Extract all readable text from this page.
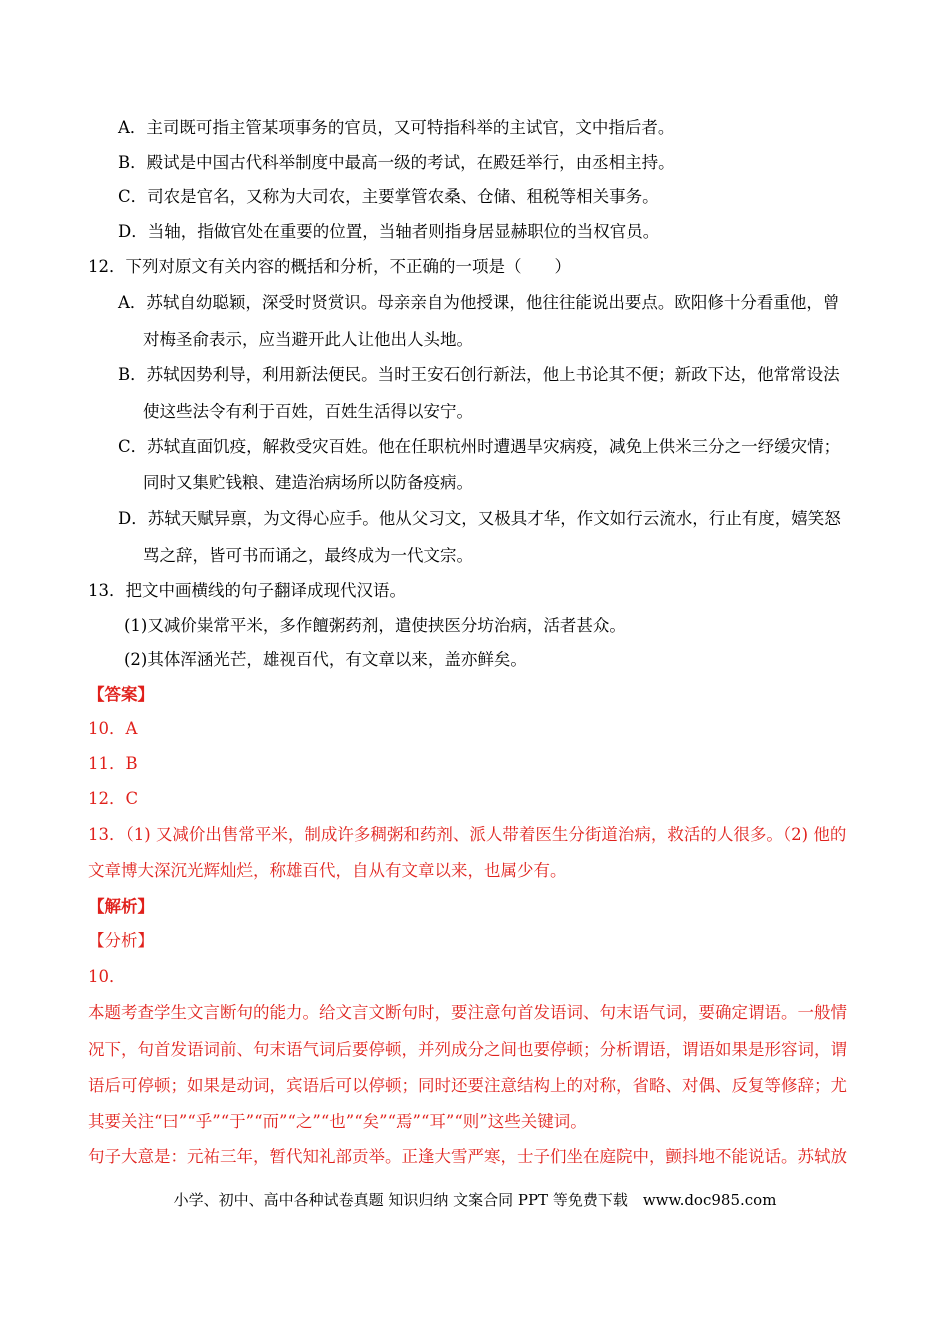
A．主司既可指主管某项事务的官员，又可特指科举的主试官，文中指后者。
B．殿试是中国古代科举制度中最高一级的考试，在殿廷举行，由丞相主持。
C．司农是官名，又称为大司农，主要掌管农桑、仓储、租税等相关事务。
D．当轴，指做官处在重要的位置，当轴者则指身居显赫职位的当权官员。
12．下列对原文有关内容的概括和分析，不正确的一项是（　　）
A．苏轼自幼聪颖，深受时贤赏识。母亲亲自为他授课，他往往能说出要点。欧阳修十分看重他，曾
对梅圣俞表示，应当避开此人让他出人头地。
B．苏轼因势利导，利用新法便民。当时王安石创行新法，他上书论其不便；新政下达，他常常设法
使这些法令有利于百姓，百姓生活得以安宁。
C．苏轼直面饥疫，解救受灾百姓。他在任职杭州时遭遇旱灾病疫，减免上供米三分之一纾缓灾情；
同时又集贮钱粮、建造治病场所以防备疫病。
D．苏轼天赋异禀，为文得心应手。他从父习文，又极具才华，作文如行云流水，行止有度，嬉笑怒
骂之辞，皆可书而诵之，最终成为一代文宗。
13．把文中画横线的句子翻译成现代汉语。
(1)又减价粜常平米，多作饘粥药剂，遣使挟医分坊治病，活者甚众。
(2)其体浑涵光芒，雄视百代，有文章以来，盖亦鲜矣。
【答案】
10．A
11．B
12．C
13．（1) 又减价出售常平米，制成许多稠粥和药剂、派人带着医生分街道治病，救活的人很多。（2) 他的
文章博大深沉光辉灿烂，称雄百代，自从有文章以来，也属少有。
【解析】
【分析】
10．
本题考查学生文言断句的能力。给文言文断句时，要注意句首发语词、句末语气词，要确定谓语。一般情
况下，句首发语词前、句末语气词后要停顿，并列成分之间也要停顿；分析谓语，谓语如果是形容词，谓
语后可停顿；如果是动词，宾语后可以停顿；同时还要注意结构上的对称，省略、对偶、反复等修辞；尤
其要关注“曰”“乎”“于”“而”“之”“也”“矣”“焉”“耳”“则”这些关键词。
句子大意是：元祐三年，暂代知礼部贡举。正逢大雪严寒，士子们坐在庭院中，颤抖地不能说话。苏轼放
小学、初中、高中各种试卷真题 知识归纳 文案合同 PPT 等免费下载　www.doc985.com
